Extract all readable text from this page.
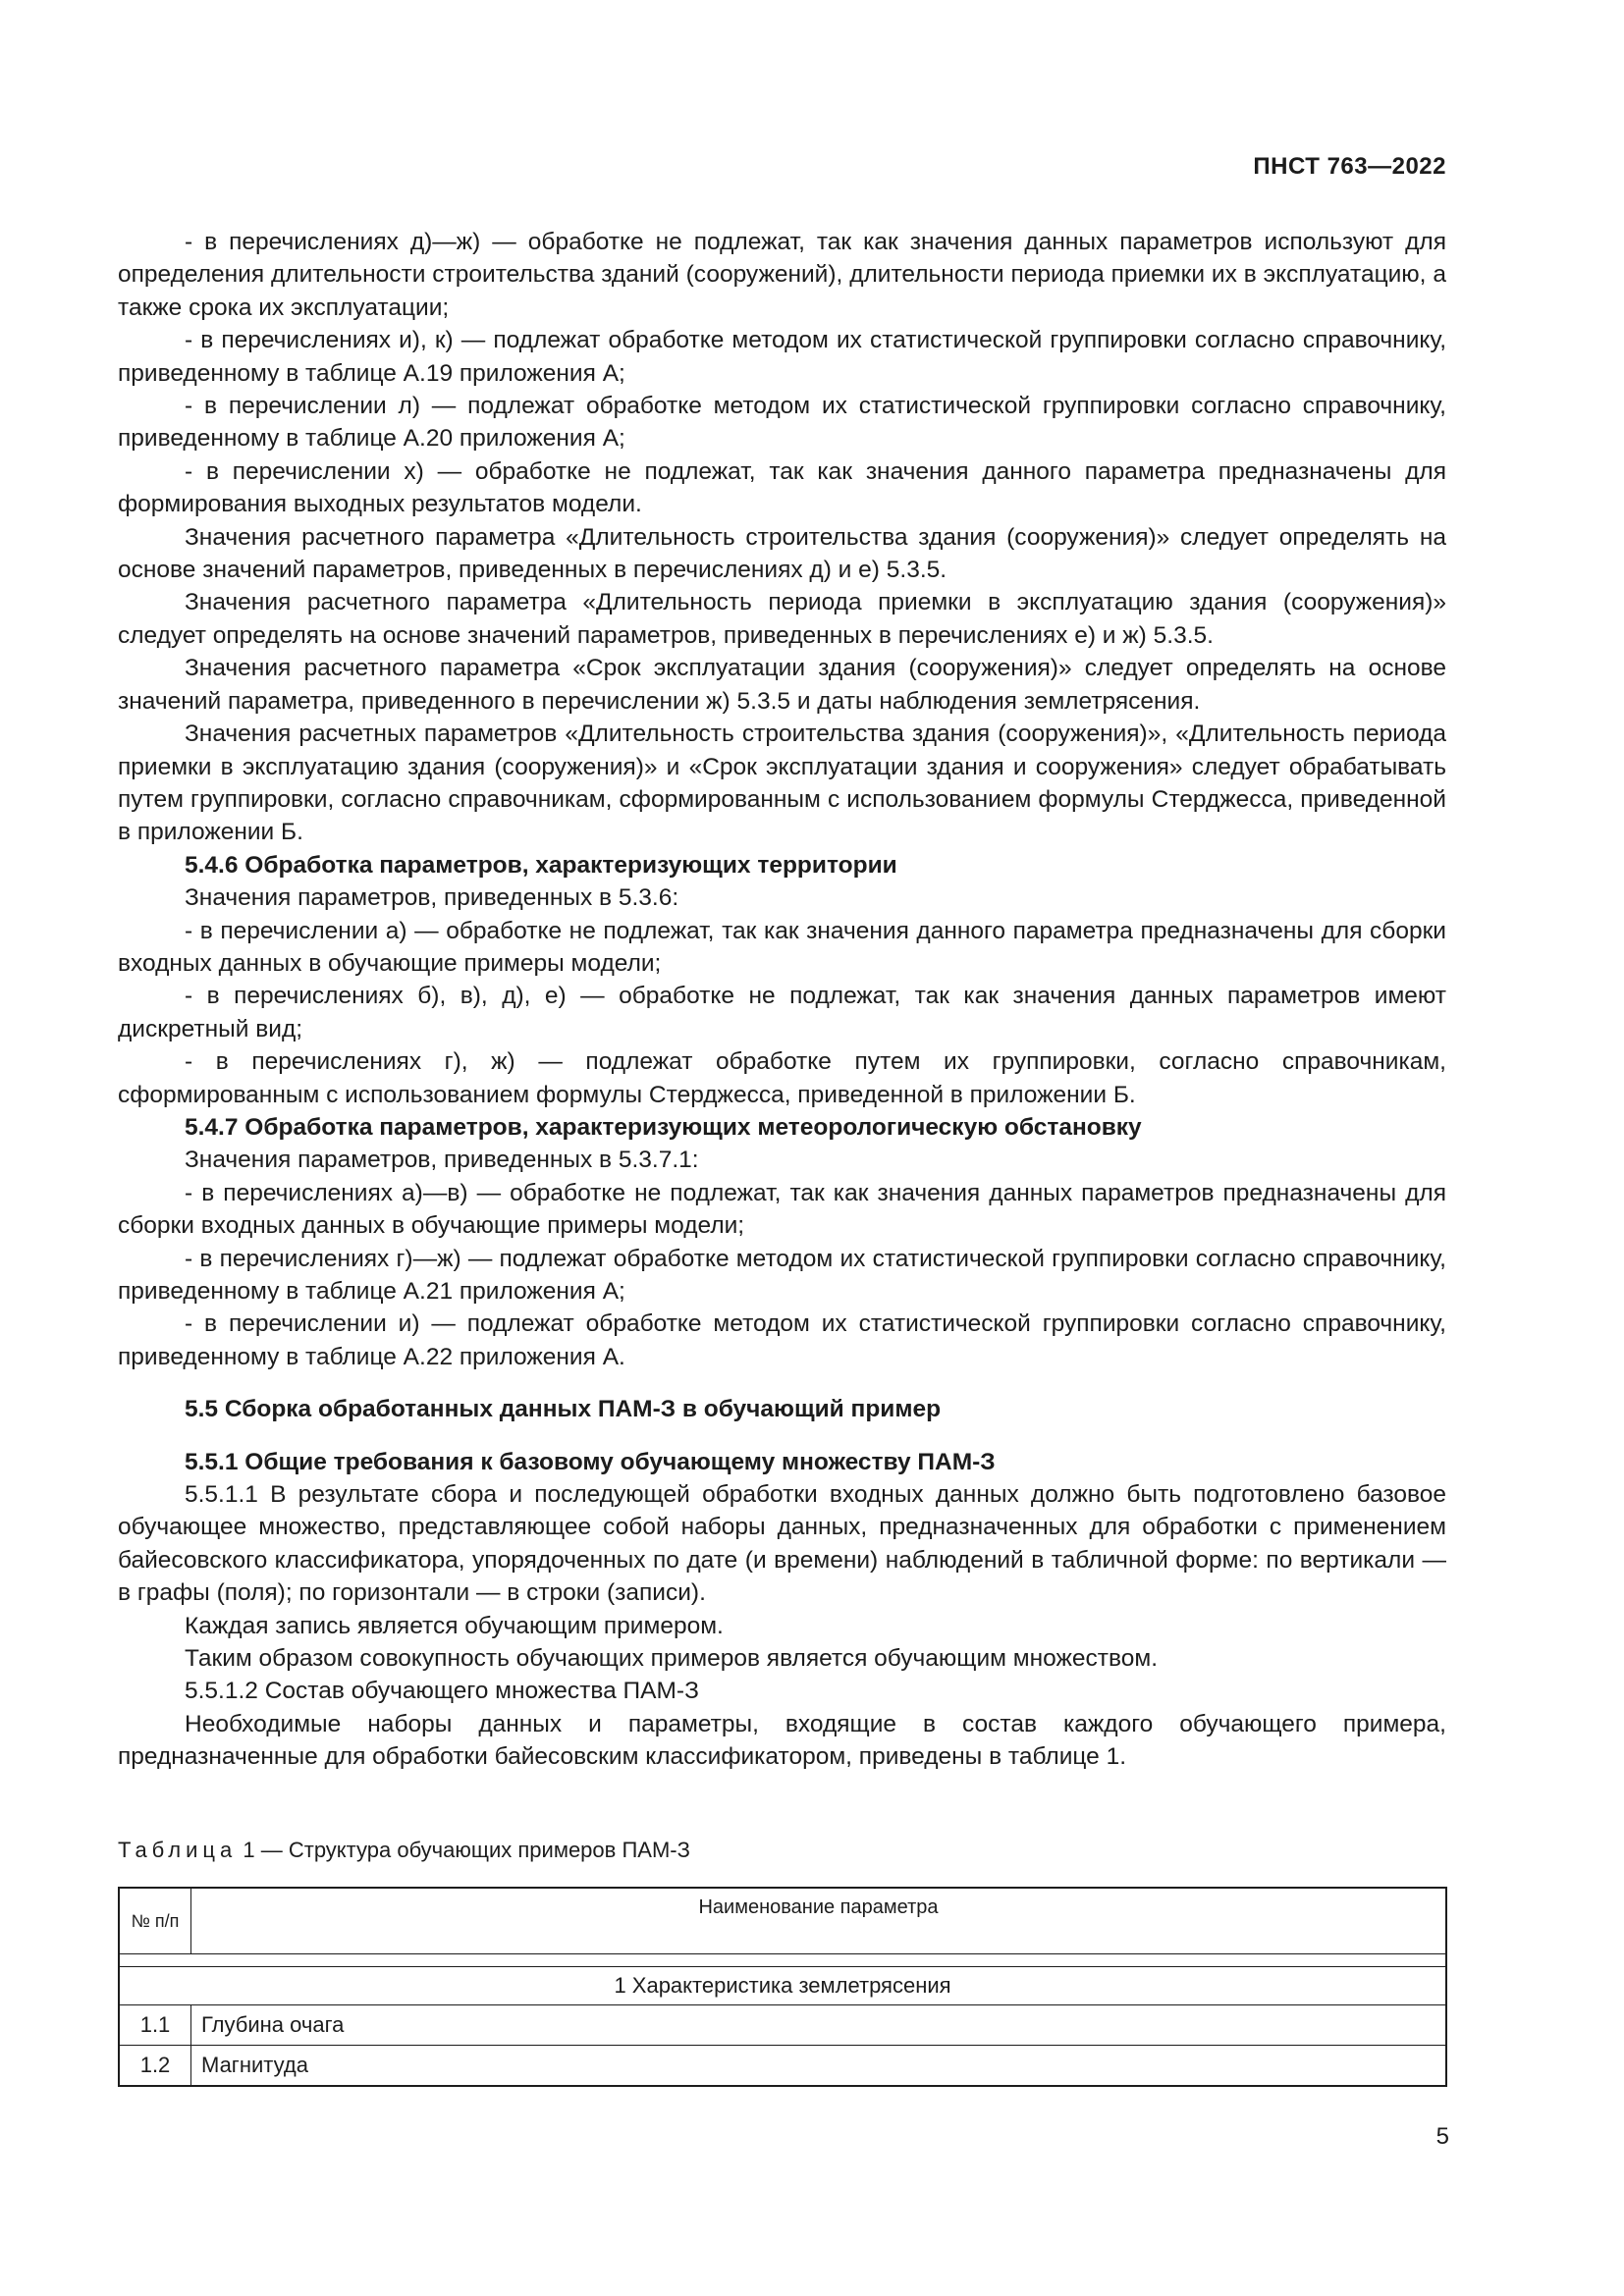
ПНСТ 763—2022

- в перечислениях д)—ж) — обработке не подлежат, так как значения данных параметров используют для определения длительности строительства зданий (сооружений), длительности периода приемки их в эксплуатацию, а также срока их эксплуатации;

- в перечислениях и), к) — подлежат обработке методом их статистической группировки согласно справочнику, приведенному в таблице А.19 приложения А;

- в перечислении л) — подлежат обработке методом их статистической группировки согласно справочнику, приведенному в таблице А.20 приложения А;

- в перечислении х) — обработке не подлежат, так как значения данного параметра предназначены для формирования выходных результатов модели.

Значения расчетного параметра «Длительность строительства здания (сооружения)» следует определять на основе значений параметров, приведенных в перечислениях д) и е) 5.3.5.

Значения расчетного параметра «Длительность периода приемки в эксплуатацию здания (сооружения)» следует определять на основе значений параметров, приведенных в перечислениях е) и ж) 5.3.5.

Значения расчетного параметра «Срок эксплуатации здания (сооружения)» следует определять на основе значений параметра, приведенного в перечислении ж) 5.3.5 и даты наблюдения землетрясения.

Значения расчетных параметров «Длительность строительства здания (сооружения)», «Длительность периода приемки в эксплуатацию здания (сооружения)» и «Срок эксплуатации здания и сооружения» следует обрабатывать путем группировки, согласно справочникам, сформированным с использованием формулы Стерджесса, приведенной в приложении Б.

5.4.6 Обработка параметров, характеризующих территории

Значения параметров, приведенных в 5.3.6:

- в перечислении а) — обработке не подлежат, так как значения данного параметра предназначены для сборки входных данных в обучающие примеры модели;

- в перечислениях б), в), д), е) — обработке не подлежат, так как значения данных параметров имеют дискретный вид;

- в перечислениях г), ж) — подлежат обработке путем их группировки, согласно справочникам, сформированным с использованием формулы Стерджесса, приведенной в приложении Б.

5.4.7 Обработка параметров, характеризующих метеорологическую обстановку

Значения параметров, приведенных в 5.3.7.1:

- в перечислениях а)—в) — обработке не подлежат, так как значения данных параметров предназначены для сборки входных данных в обучающие примеры модели;

- в перечислениях г)—ж) — подлежат обработке методом их статистической группировки согласно справочнику, приведенному в таблице А.21 приложения А;

- в перечислении и) — подлежат обработке методом их статистической группировки согласно справочнику, приведенному в таблице А.22 приложения А.

5.5 Сборка обработанных данных ПАМ-З в обучающий пример

5.5.1 Общие требования к базовому обучающему множеству ПАМ-З

5.5.1.1 В результате сбора и последующей обработки входных данных должно быть подготовлено базовое обучающее множество, представляющее собой наборы данных, предназначенных для обработки с применением байесовского классификатора, упорядоченных по дате (и времени) наблюдений в табличной форме: по вертикали — в графы (поля); по горизонтали — в строки (записи).

Каждая запись является обучающим примером.

Таким образом совокупность обучающих примеров является обучающим множеством.

5.5.1.2 Состав обучающего множества ПАМ-З

Необходимые наборы данных и параметры, входящие в состав каждого обучающего примера, предназначенные для обработки байесовским классификатором, приведены в таблице 1.

Таблица 1 — Структура обучающих примеров ПАМ-З
№ п/п	Наименование параметра

1 Характеристика землетрясения	
1.1	Глубина очага
1.2	Магнитуда
5
